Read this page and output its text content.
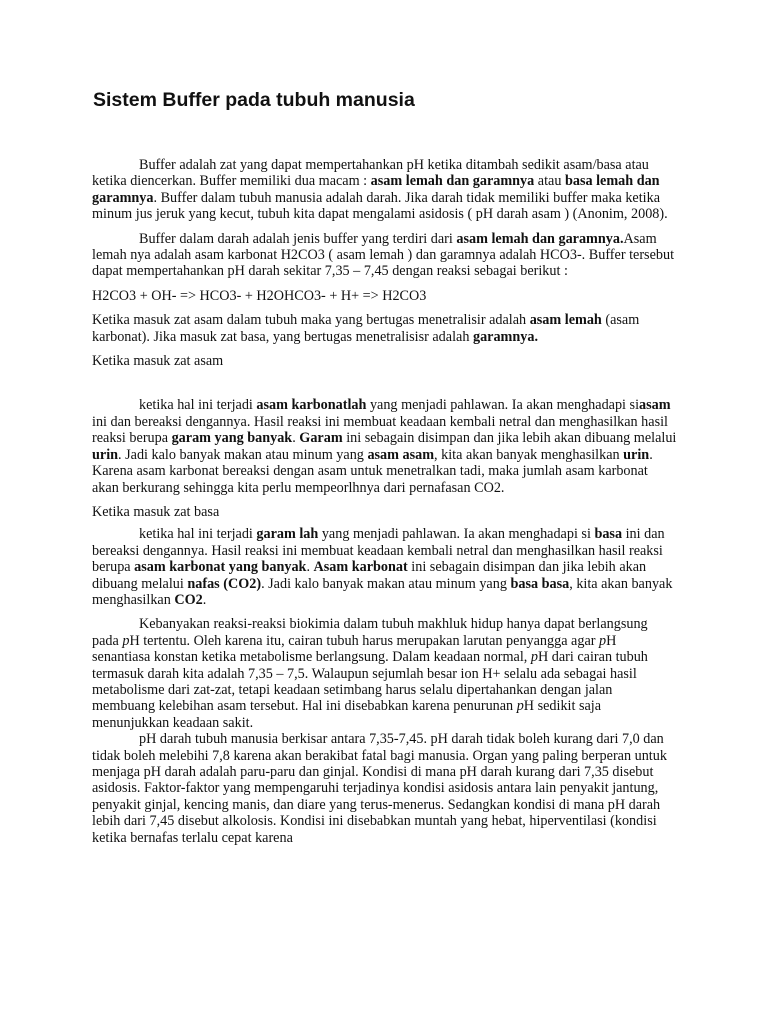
Sistem Buffer pada tubuh manusia

Buffer adalah zat yang dapat mempertahankan pH ketika ditambah sedikit asam/basa atau ketika diencerkan. Buffer memiliki dua macam : asam lemah dan garamnya atau basa lemah dan garamnya. Buffer dalam tubuh manusia adalah darah. Jika darah tidak memiliki buffer maka ketika minum jus jeruk yang kecut, tubuh kita dapat mengalami asidosis ( pH darah asam ) (Anonim, 2008).

Buffer dalam darah adalah jenis buffer yang terdiri dari asam lemah dan garamnya.Asam lemah nya adalah asam karbonat H2CO3 ( asam lemah ) dan garamnya adalah HCO3-. Buffer tersebut dapat mempertahankan pH darah sekitar 7,35 – 7,45 dengan reaksi sebagai berikut :

H2CO3 + OH- => HCO3- + H2OHCO3- + H+ => H2CO3

Ketika masuk zat asam dalam tubuh maka yang bertugas menetralisir adalah asam lemah (asam karbonat). Jika masuk zat basa, yang bertugas menetralisisr adalah garamnya.

Ketika masuk zat asam

ketika hal ini terjadi asam karbonatlah yang menjadi pahlawan. Ia akan menghadapi siasam ini dan bereaksi dengannya. Hasil reaksi ini membuat keadaan kembali netral dan menghasilkan hasil reaksi berupa garam yang banyak. Garam ini sebagain disimpan dan jika lebih akan dibuang melalui urin. Jadi kalo banyak makan atau minum yang asam asam, kita akan banyak menghasilkan urin. Karena asam karbonat bereaksi dengan asam untuk menetralkan tadi, maka jumlah asam karbonat akan berkurang sehingga kita perlu mempeorlhnya dari pernafasan CO2.

Ketika masuk zat basa

ketika hal ini terjadi garam lah yang menjadi pahlawan. Ia akan menghadapi si basa ini dan bereaksi dengannya. Hasil reaksi ini membuat keadaan kembali netral dan menghasilkan hasil reaksi berupa asam karbonat yang banyak. Asam karbonat ini sebagain disimpan dan jika lebih akan dibuang melalui nafas (CO2). Jadi kalo banyak makan atau minum yang basa basa, kita akan banyak menghasilkan CO2.

Kebanyakan reaksi-reaksi biokimia dalam tubuh makhluk hidup hanya dapat berlangsung pada pH tertentu. Oleh karena itu, cairan tubuh harus merupakan larutan penyangga agar pH senantiasa konstan ketika metabolisme berlangsung. Dalam keadaan normal, pH dari cairan tubuh termasuk darah kita adalah 7,35 – 7,5. Walaupun sejumlah besar ion H+ selalu ada sebagai hasil metabolisme dari zat-zat, tetapi keadaan setimbang harus selalu dipertahankan dengan jalan membuang kelebihan asam tersebut. Hal ini disebabkan karena penurunan pH sedikit saja menunjukkan keadaan sakit.

pH darah tubuh manusia berkisar antara 7,35-7,45. pH darah tidak boleh kurang dari 7,0 dan tidak boleh melebihi 7,8 karena akan berakibat fatal bagi manusia. Organ yang paling berperan untuk menjaga pH darah adalah paru-paru dan ginjal. Kondisi di mana pH darah kurang dari 7,35 disebut asidosis. Faktor-faktor yang mempengaruhi terjadinya kondisi asidosis antara lain penyakit jantung, penyakit ginjal, kencing manis, dan diare yang terus-menerus. Sedangkan kondisi di mana pH darah lebih dari 7,45 disebut alkolosis. Kondisi ini disebabkan muntah yang hebat, hiperventilasi (kondisi ketika bernafas terlalu cepat karena
